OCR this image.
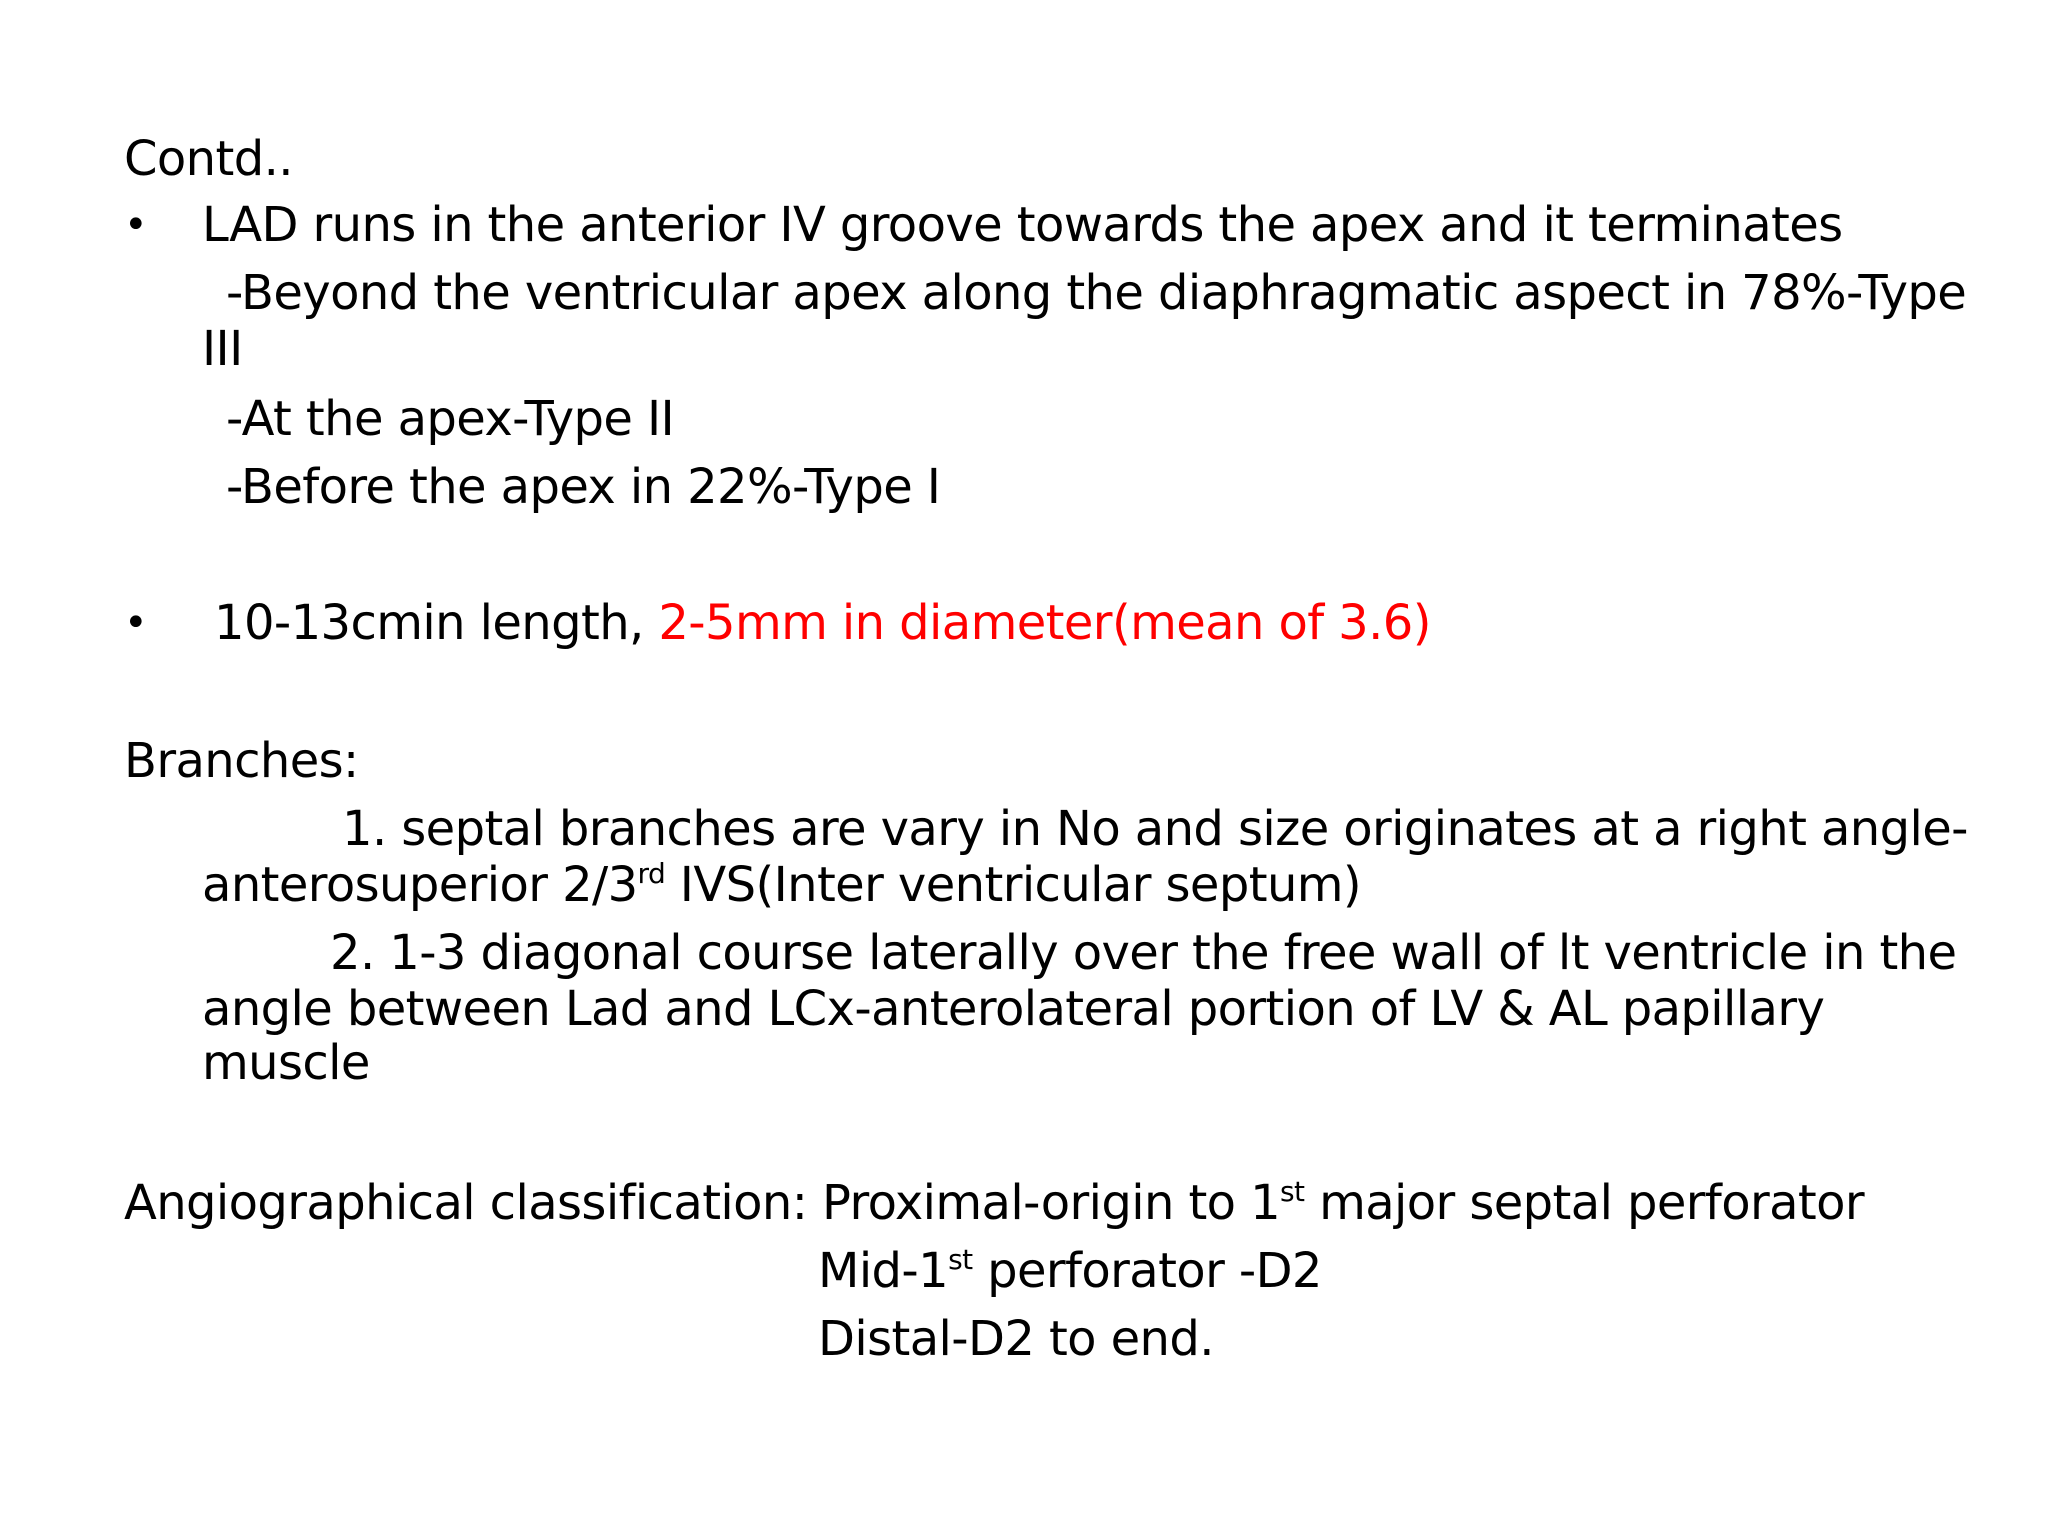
Contd..
• LAD runs in the anterior IV groove towards the apex and it terminates
-Beyond the ventricular apex along the diaphragmatic aspect in 78%-Type
III
-At the apex-Type II
-Before the apex in 22%-Type I
• 10-13cmin length, 2-5mm in diameter(mean of 3.6)
Branches:
1. septal branches are vary in No and size originates at a right angle-
anterosuperior 2/3rd IVS(Inter ventricular septum)
2. 1-3 diagonal course laterally over the free wall of lt ventricle in the
angle between Lad and LCx-anterolateral portion of LV & AL papillary
muscle
Angiographical classification: Proximal-origin to 1st major septal perforator
Mid-1st perforator -D2
Distal-D2 to end.
